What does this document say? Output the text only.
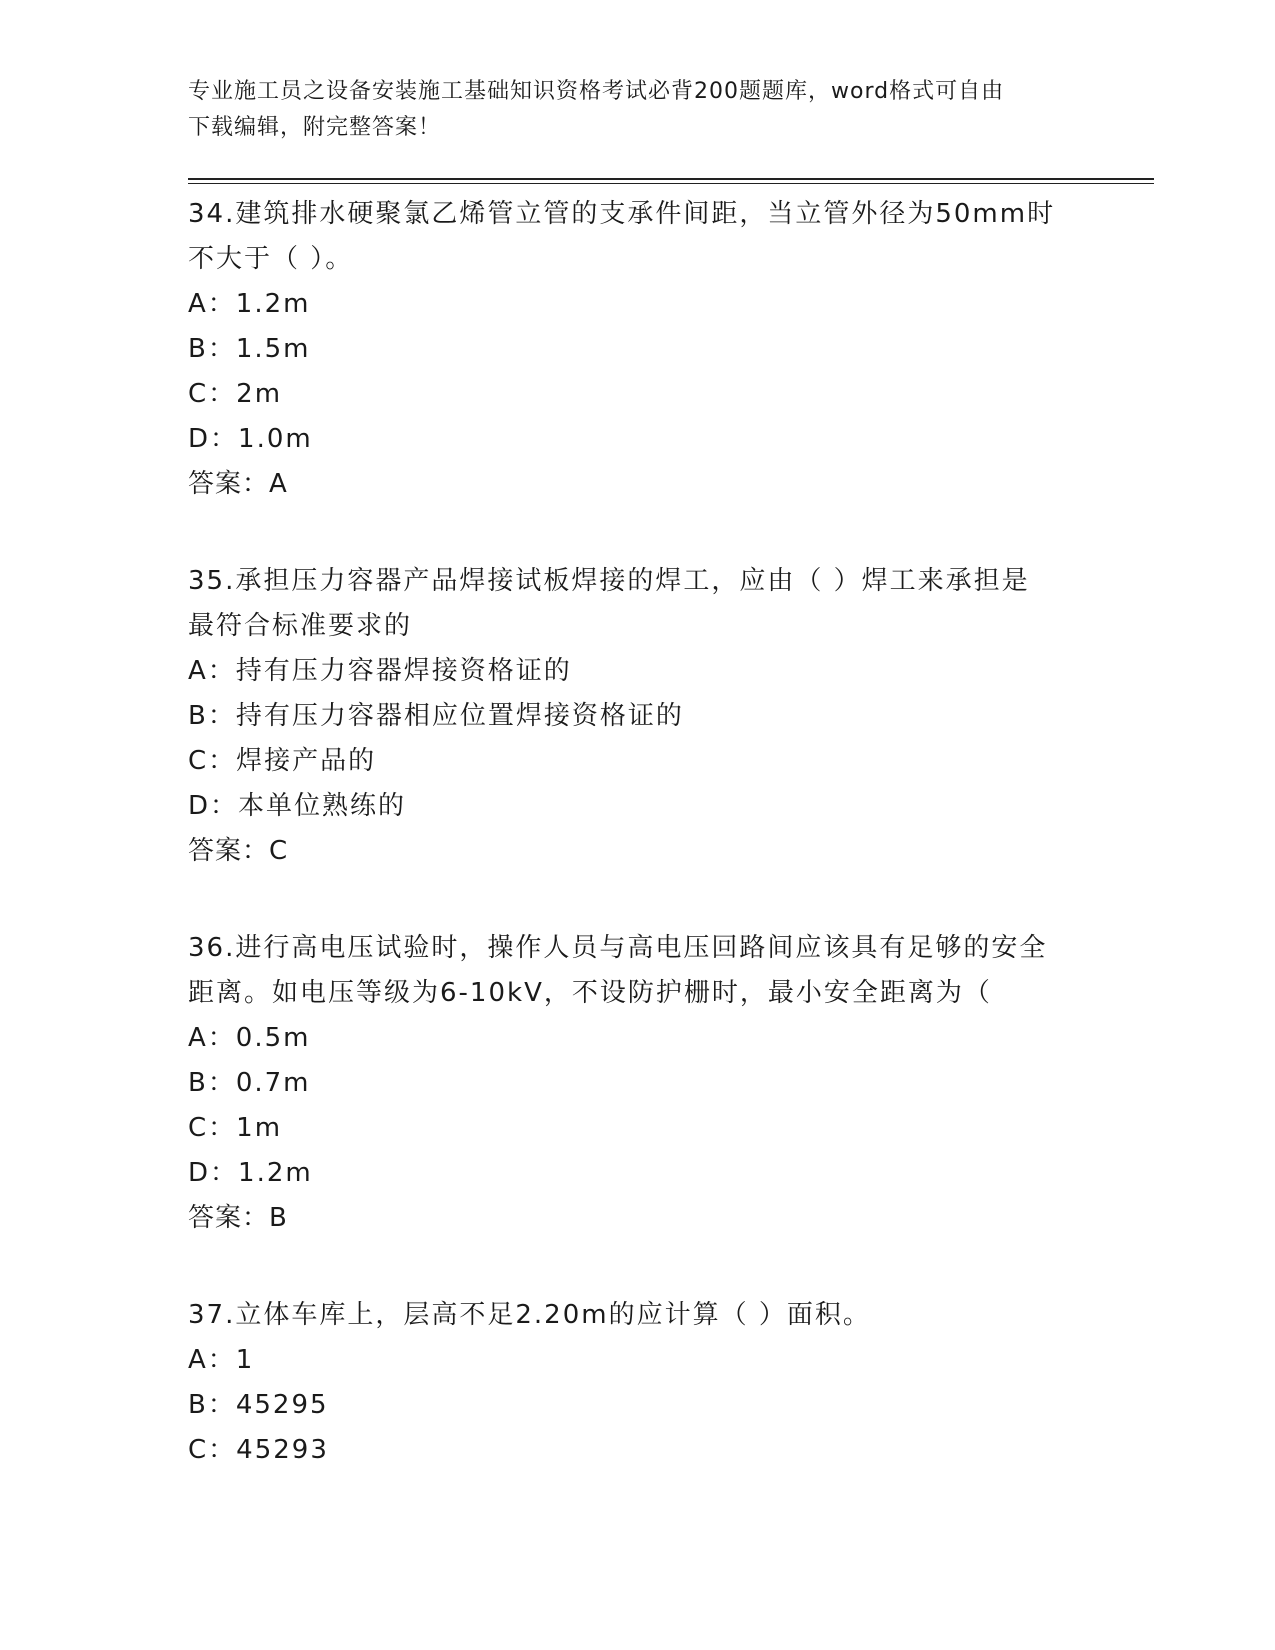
专业施工员之设备安装施工基础知识资格考试必背200题题库，word格式可自由
下载编辑，附完整答案！

34.建筑排水硬聚氯乙烯管立管的支承件间距，当立管外径为50mm时

不大于（ ）。

A：1.2m

B：1.5m

C：2m

D：1.0m

答案：A

35.承担压力容器产品焊接试板焊接的焊工，应由（ ）焊工来承担是

最符合标准要求的

A：持有压力容器焊接资格证的

B：持有压力容器相应位置焊接资格证的

C：焊接产品的

D：本单位熟练的

答案：C

36.进行高电压试验时，操作人员与高电压回路间应该具有足够的安全

距离。如电压等级为6-10kV，不设防护栅时，最小安全距离为（

A：0.5m

B：0.7m

C：1m

D：1.2m

答案：B

37.立体车库上，层高不足2.20m的应计算（ ）面积。

A：1

B：45295

C：45293
